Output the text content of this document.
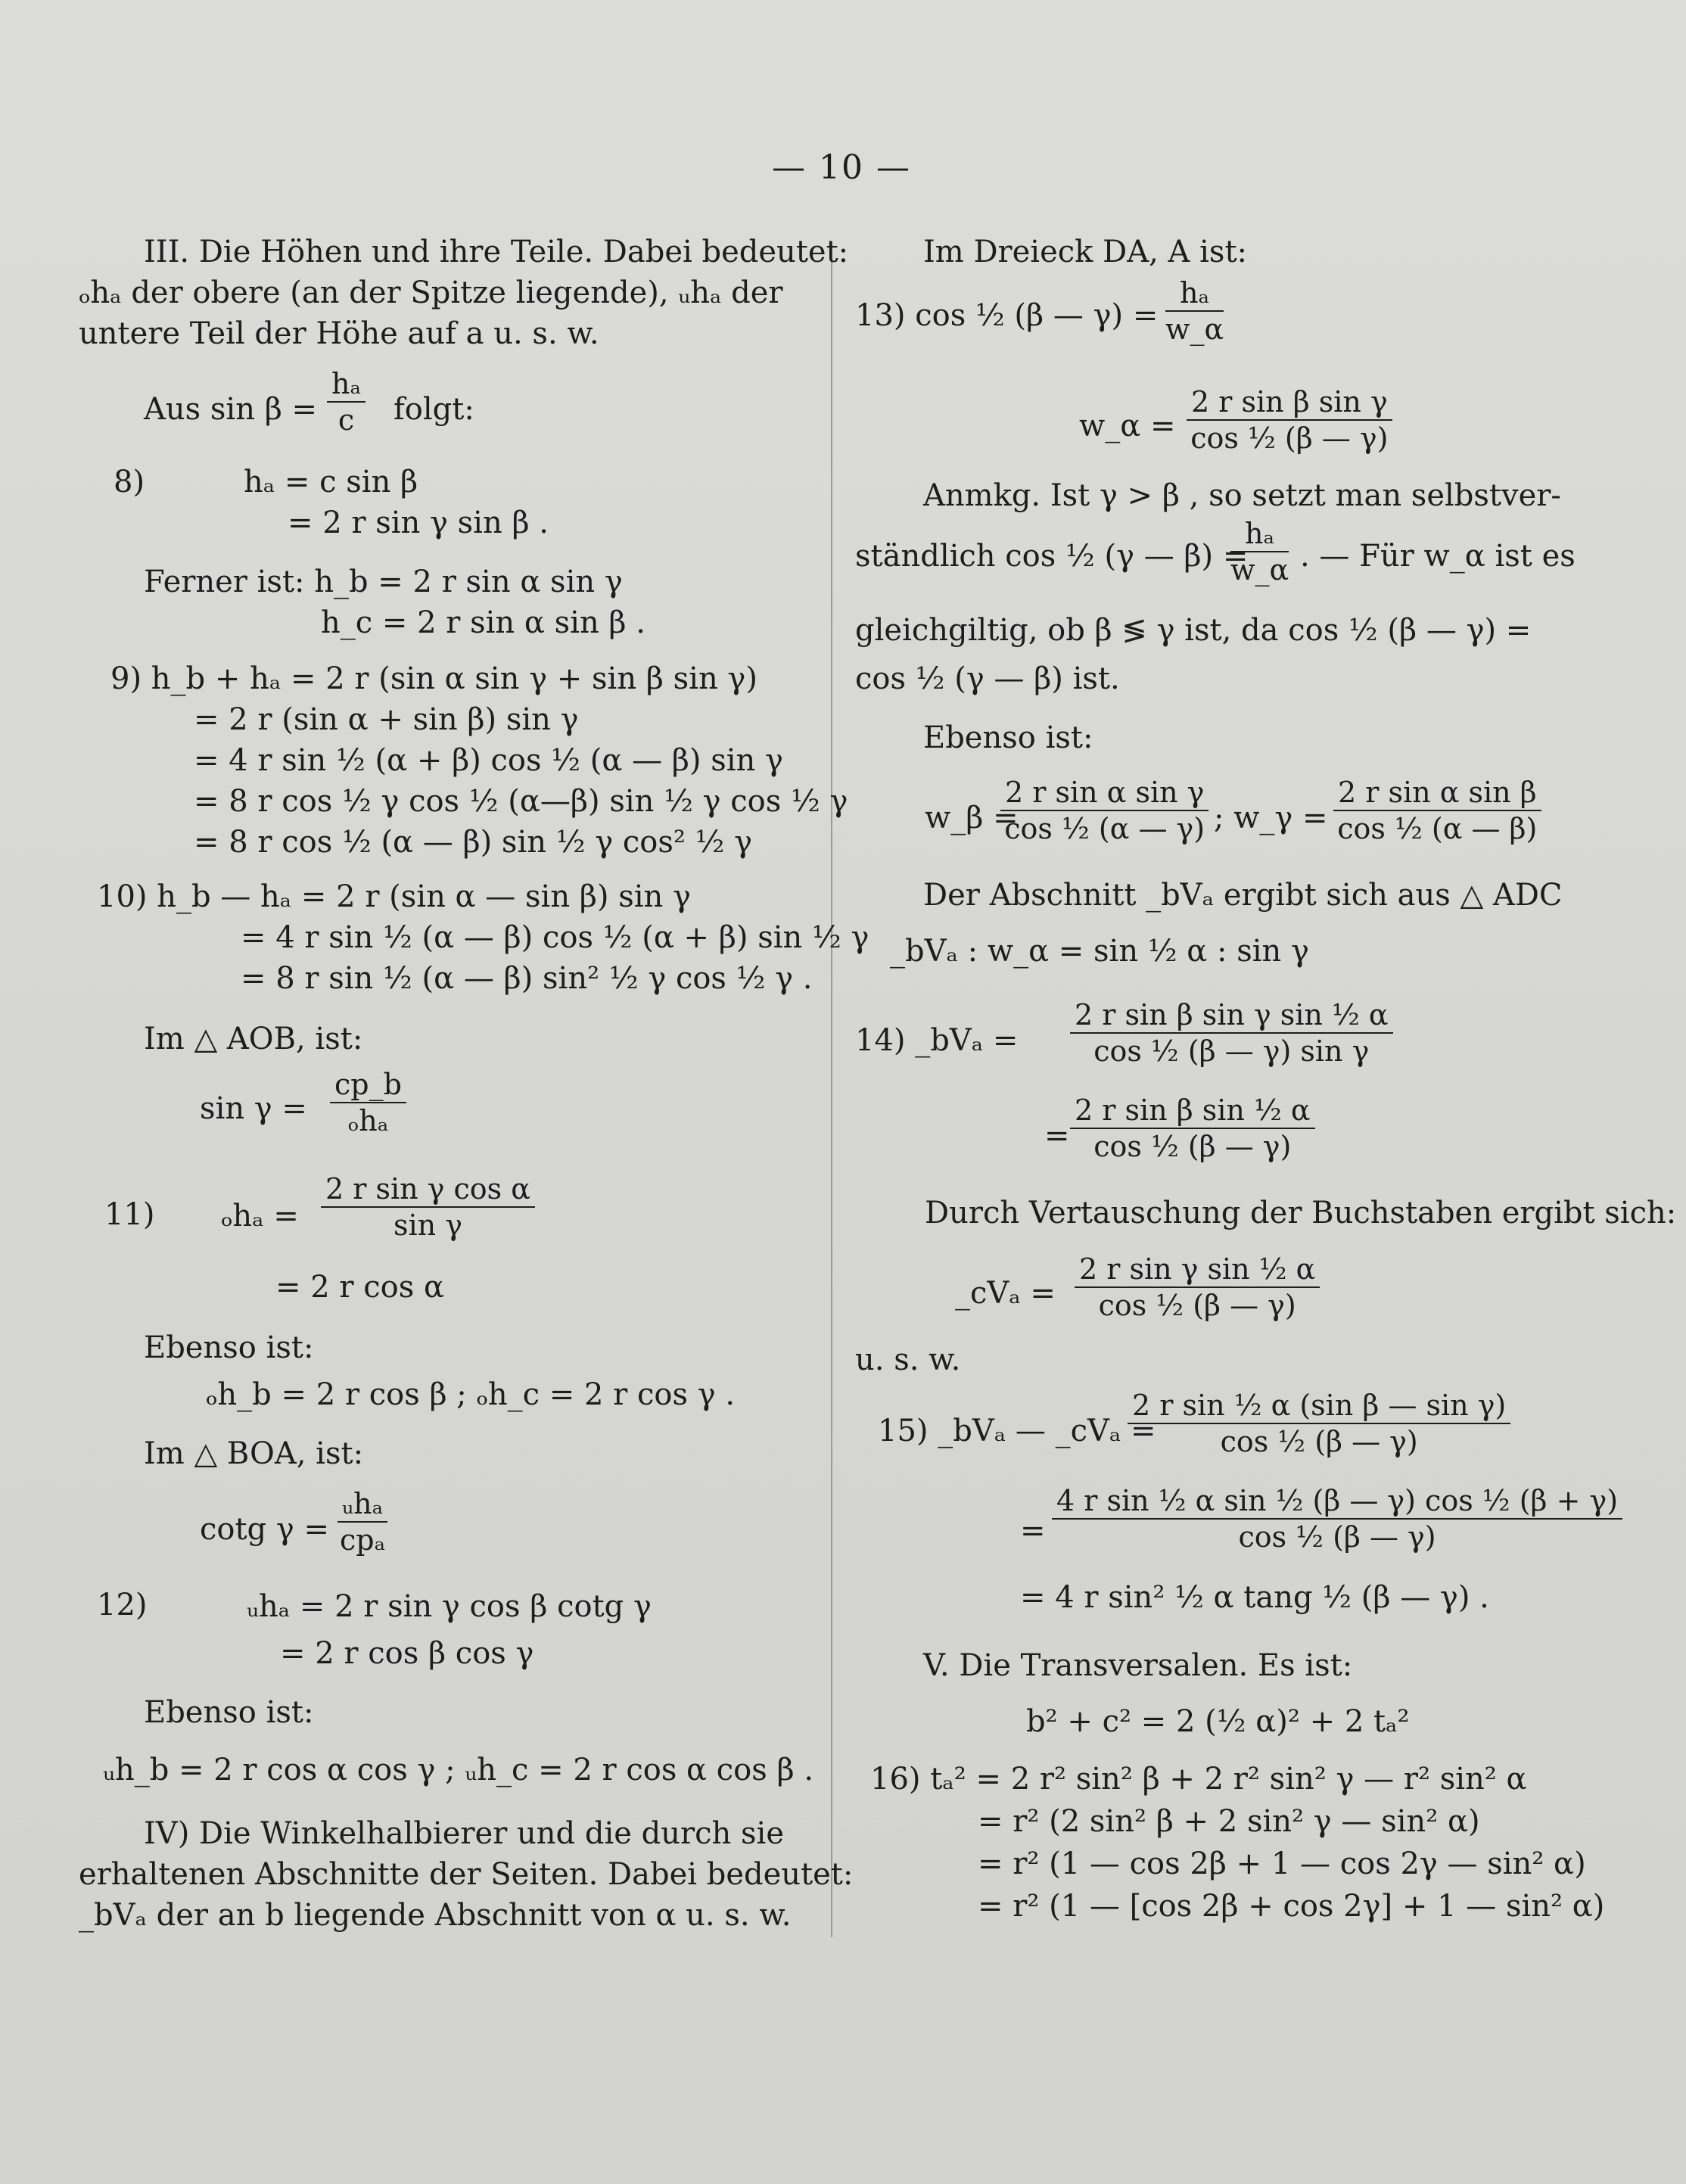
— 10 —
III. Die Höhen und ihre Teile. Dabei bedeutet:
ₒhₐ der obere (an der Spitze liegende), ᵤhₐ der
untere Teil der Höhe auf a u. s. w.
Aus $\sin \beta = \frac{\text{hₐ}}{c} folgt$:
8)	hₐ = c sin β
= 2 r sin γ sin β .
Ferner ist: h_b = 2 r sin α sin γ
h_c = 2 r sin α sin β .
9) h_b + hₐ = 2 r (sin α sin γ + sin β sin γ)
= 2 r (sin α + sin β) sin γ
= 4 r sin ½ (α + β) cos ½ (α — β) sin γ
= 8 r cos ½ γ cos ½ (α—β) sin ½ γ cos ½ γ
= 8 r cos ½ (α — β) sin ½ γ cos² ½ γ
10) h_b — hₐ = 2 r (sin α — sin β) sin γ
= 4 r sin ½ (α — β) cos ½ (α + β) sin ½ γ
= 8 r sin ½ (α — β) sin² ½ γ cos ½ γ .
Im △ AOB, ist:
sin γ =
cp_b
ₒhₐ
11) $_oh_a = \frac{\text{2 r sin γ cos α}}{\text{sin γ}}$
= 2 r cos α
Ebenso ist:
ₒh_b = 2 r cos β ; ₒh_c = 2 r cos γ .
Im △ BOA, ist:
cotg γ =
ᵤhₐ
cpₐ
12)	ᵤhₐ = 2 r sin γ cos β cotg γ
= 2 r cos β cos γ
Ebenso ist:
ᵤh_b = 2 r cos α cos γ ; ᵤh_c = 2 r cos α cos β .
IV) Die Winkelhalbierer und die durch sie
erhaltenen Abschnitte der Seiten. Dabei bedeutet:
_bVₐ der an b liegende Abschnitt von α u. s. w.
Im Dreieck DA, A ist:
13) cos ½ (β — $\gamma) = \frac{\text{hₐ}}{w\_\alpha}$
w_α = $\frac{\text{2 r sin β sin γ}}{\text{cos ½ (β — γ)}}$
Anmkg. Ist γ > β , so setzt man selbstver-
ständlich cos ½ (γ — β) =
$\frac{\text{hₐ}}{w\_\alpha}$ . — Für w_α ist es
gleichgiltig, ob β ≶ γ ist, da cos ½ (β — γ) =
cos ½ (γ — β) ist.
Ebenso ist:
w_β =
$\frac{\text{2 r sin α sin γ}}{\text{cos ½ (α — γ)}}$ ; w_γ = $\frac{\text{2 r sin α sin β}}{\text{cos ½ (α — β)}}$
Der Abschnitt _bVₐ ergibt sich aus △ ADC
_bVₐ : w_α = sin ½ α : sin γ
14) _bVₐ = $\frac{\text{2 r sin β sin γ sin ½ α}}{\text{cos ½ (β — γ) sin γ}}$
= $\frac{\text{2 r sin β sin ½ α}}{\text{cos ½ (β — γ)}}$
Durch Vertauschung der Buchstaben ergibt sich:
_cVₐ = $\frac{\text{2 r sin γ sin ½ α}}{\text{cos ½ (β — γ)}}$
u. s. w.
15) _bVₐ — _cVₐ =
$\frac{\text{2 r sin ½ α (sin β — sin γ)}}{\text{cos ½ (β — γ)}}$
= $\frac{\text{4 r sin ½ α sin ½ (β — γ) cos ½ (β + γ)}}{\text{cos ½ (β — γ)}}$
= 4 r sin² ½ α tang ½ (β — γ) .
V. Die Transversalen. Es ist:
b² + c² = 2 (½ α)² + 2 tₐ²
16) tₐ² = 2 r² sin² β + 2 r² sin² γ — r² sin² α
= r² (2 sin² β + 2 sin² γ — sin² α)
= r² (1 — cos 2β + 1 — cos 2γ — sin² α)
= r² (1 — [cos 2β + cos 2γ] + 1 — sin² α)
